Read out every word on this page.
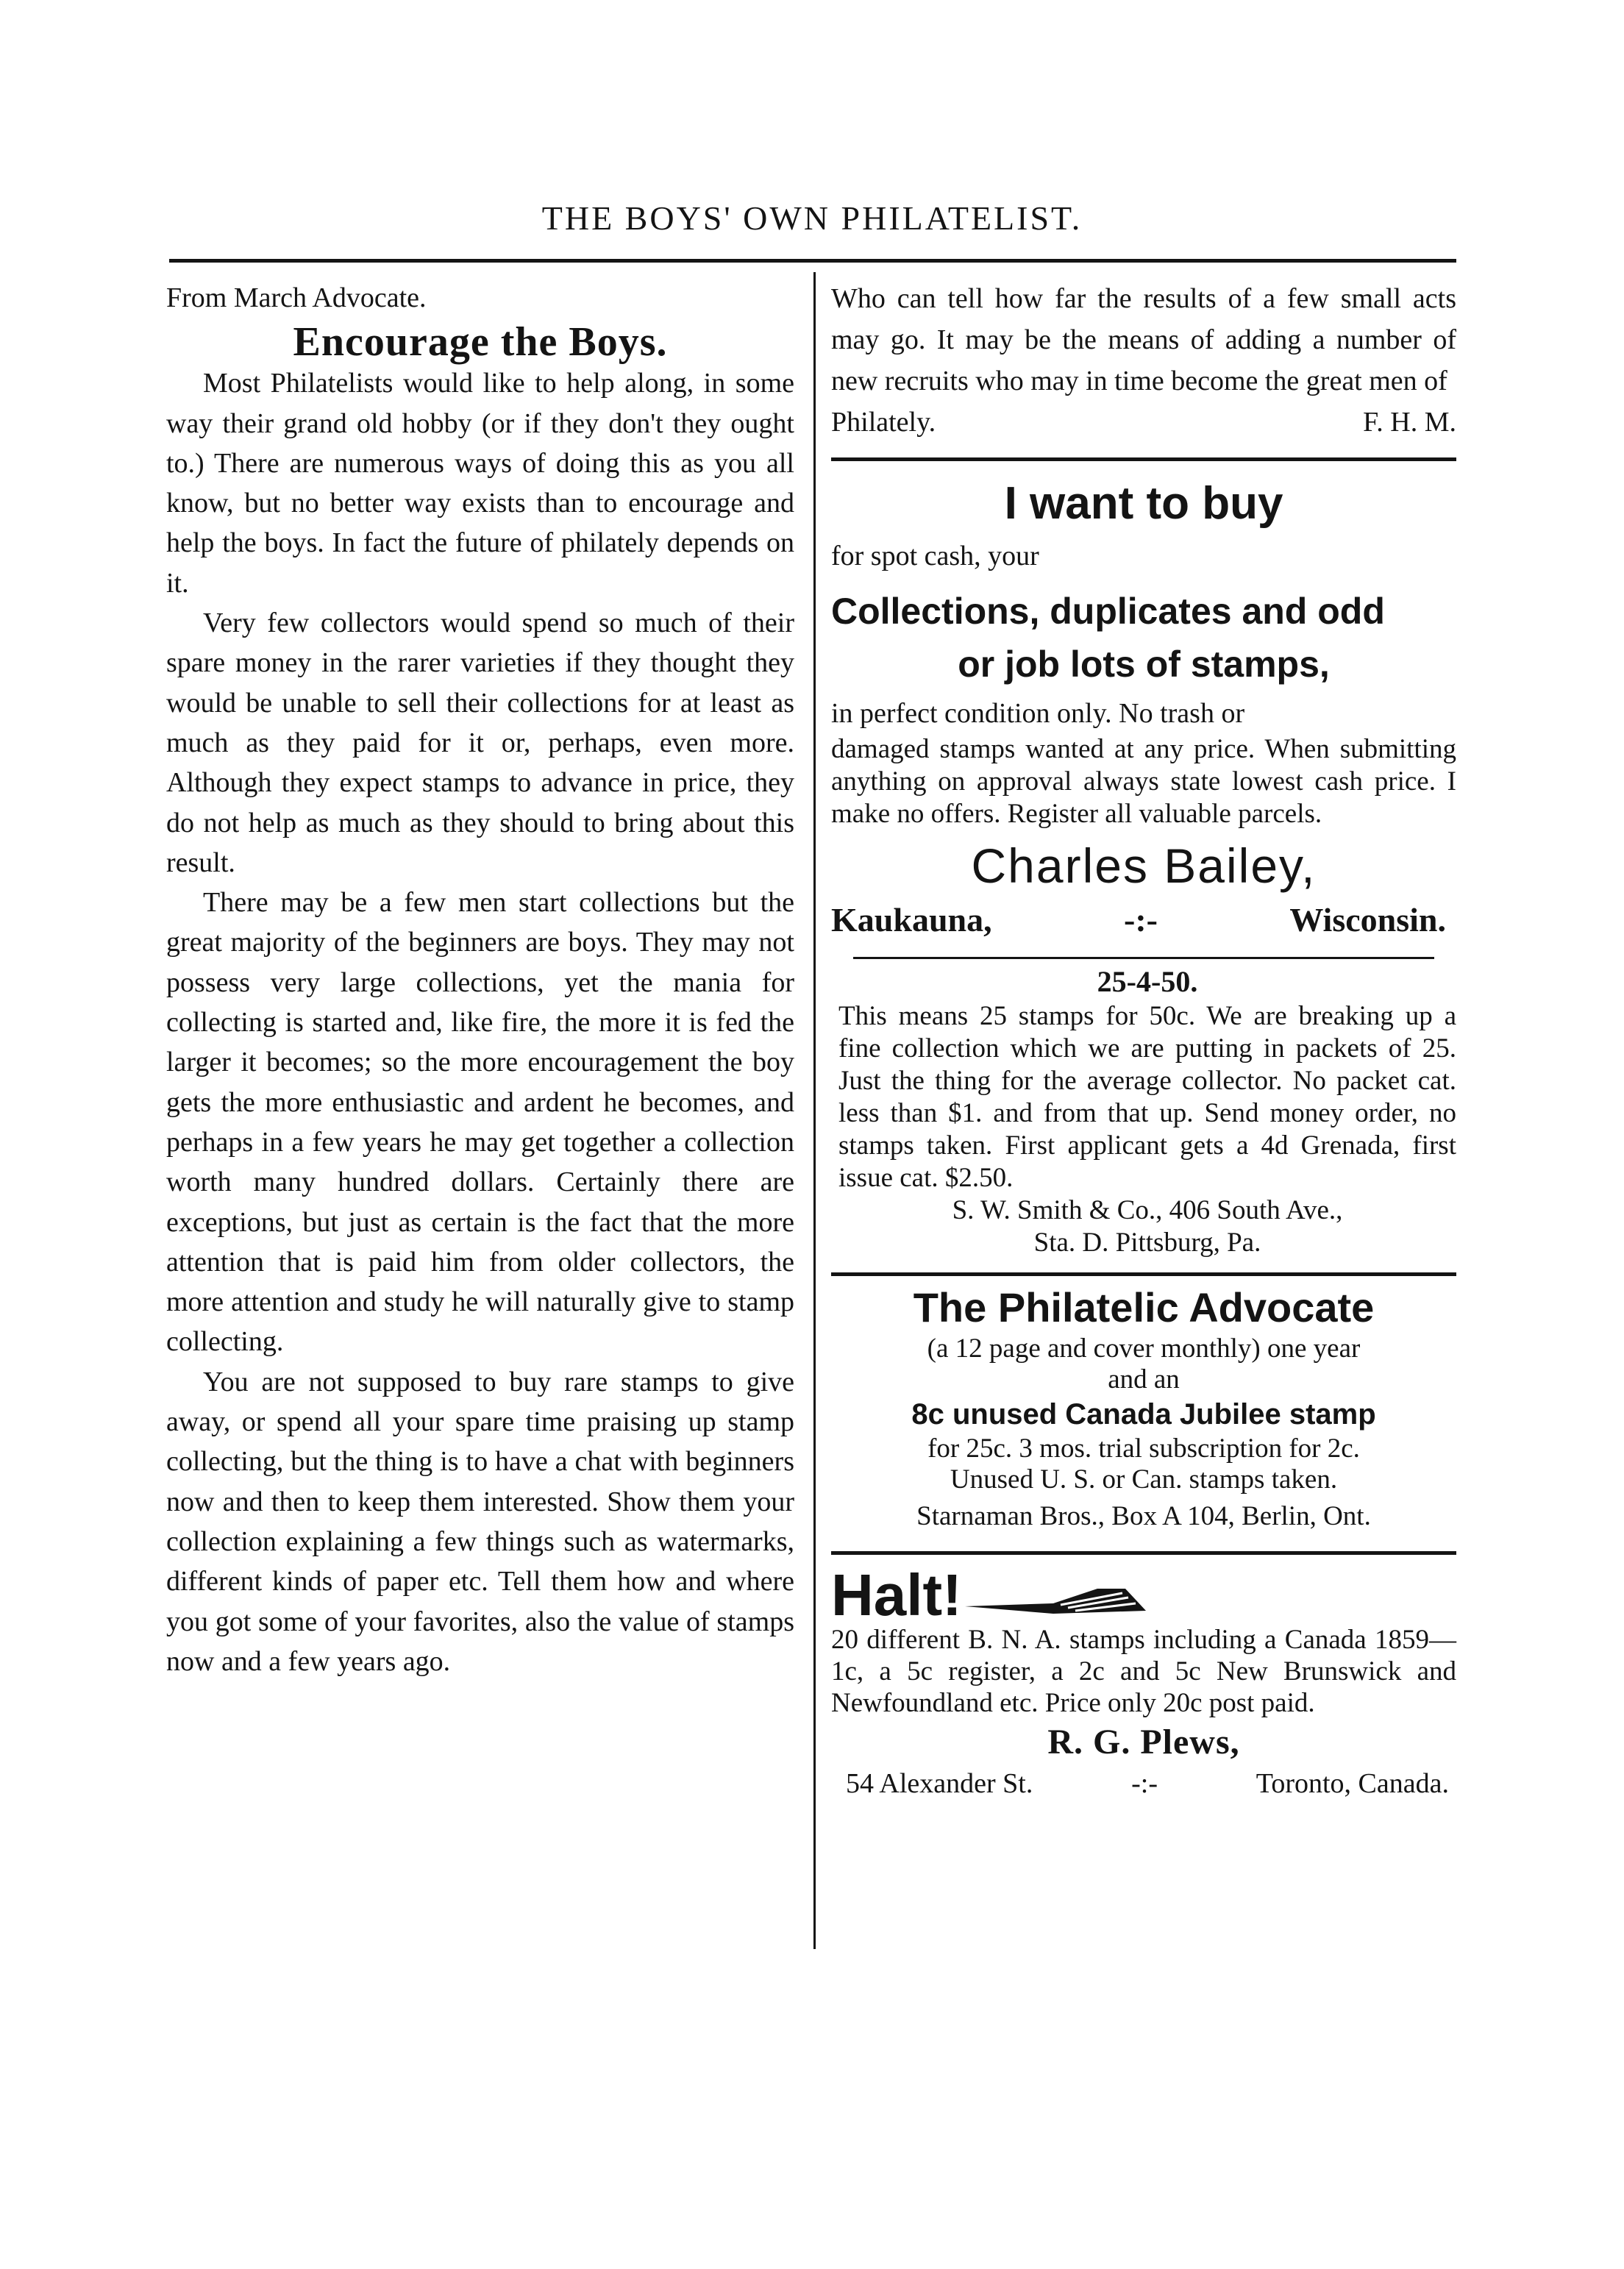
THE BOYS' OWN PHILATELIST.

From March Advocate.

Encourage the Boys.

Most Philatelists would like to help along, in some way their grand old hobby (or if they don't they ought to.) There are numerous ways of doing this as you all know, but no better way exists than to encourage and help the boys. In fact the future of philately depends on it.

Very few collectors would spend so much of their spare money in the rarer varieties if they thought they would be unable to sell their collections for at least as much as they paid for it or, perhaps, even more. Although they expect stamps to advance in price, they do not help as much as they should to bring about this result.

There may be a few men start collections but the great majority of the beginners are boys. They may not possess very large collections, yet the mania for collecting is started and, like fire, the more it is fed the larger it becomes; so the more encouragement the boy gets the more enthusiastic and ardent he becomes, and perhaps in a few years he may get together a collection worth many hundred dollars. Certainly there are exceptions, but just as certain is the fact that the more attention that is paid him from older collectors, the more attention and study he will naturally give to stamp collecting.

You are not supposed to buy rare stamps to give away, or spend all your spare time praising up stamp collecting, but the thing is to have a chat with beginners now and then to keep them interested. Show them your collection explaining a few things such as watermarks, different kinds of paper etc. Tell them how and where you got some of your favorites, also the value of stamps now and a few years ago.

Who can tell how far the results of a few small acts may go. It may be the means of adding a number of new recruits who may in time become the great men of

Philately.	F. H. M.
I want to buy

for spot cash, your

Collections, duplicates and odd

or job lots of stamps,

in perfect condition only. No trash or

damaged stamps wanted at any price. When submitting anything on approval always state lowest cash price. I make no offers. Register all valuable parcels.

Charles Bailey,
Kaukauna,	-:-	Wisconsin.
25-4-50.

This means 25 stamps for 50c. We are breaking up a fine collection which we are putting in packets of 25. Just the thing for the average collector. No packet cat. less than $1. and from that up. Send money order, no stamps taken. First applicant gets a 4d Grenada, first issue cat. $2.50.

S. W. Smith & Co., 406 South Ave.,

Sta. D. Pittsburg, Pa.

The Philatelic Advocate

(a 12 page and cover monthly) one year

and an

8c unused Canada Jubilee stamp

for 25c. 3 mos. trial subscription for 2c.

Unused U. S. or Can. stamps taken.

Starnaman Bros., Box A 104, Berlin, Ont.

Halt!

20 different B. N. A. stamps including a Canada 1859—1c, a 5c register, a 2c and 5c New Brunswick and Newfoundland etc. Price only 20c post paid.

R. G. Plews,
54 Alexander St.	-:-	Toronto, Canada.
